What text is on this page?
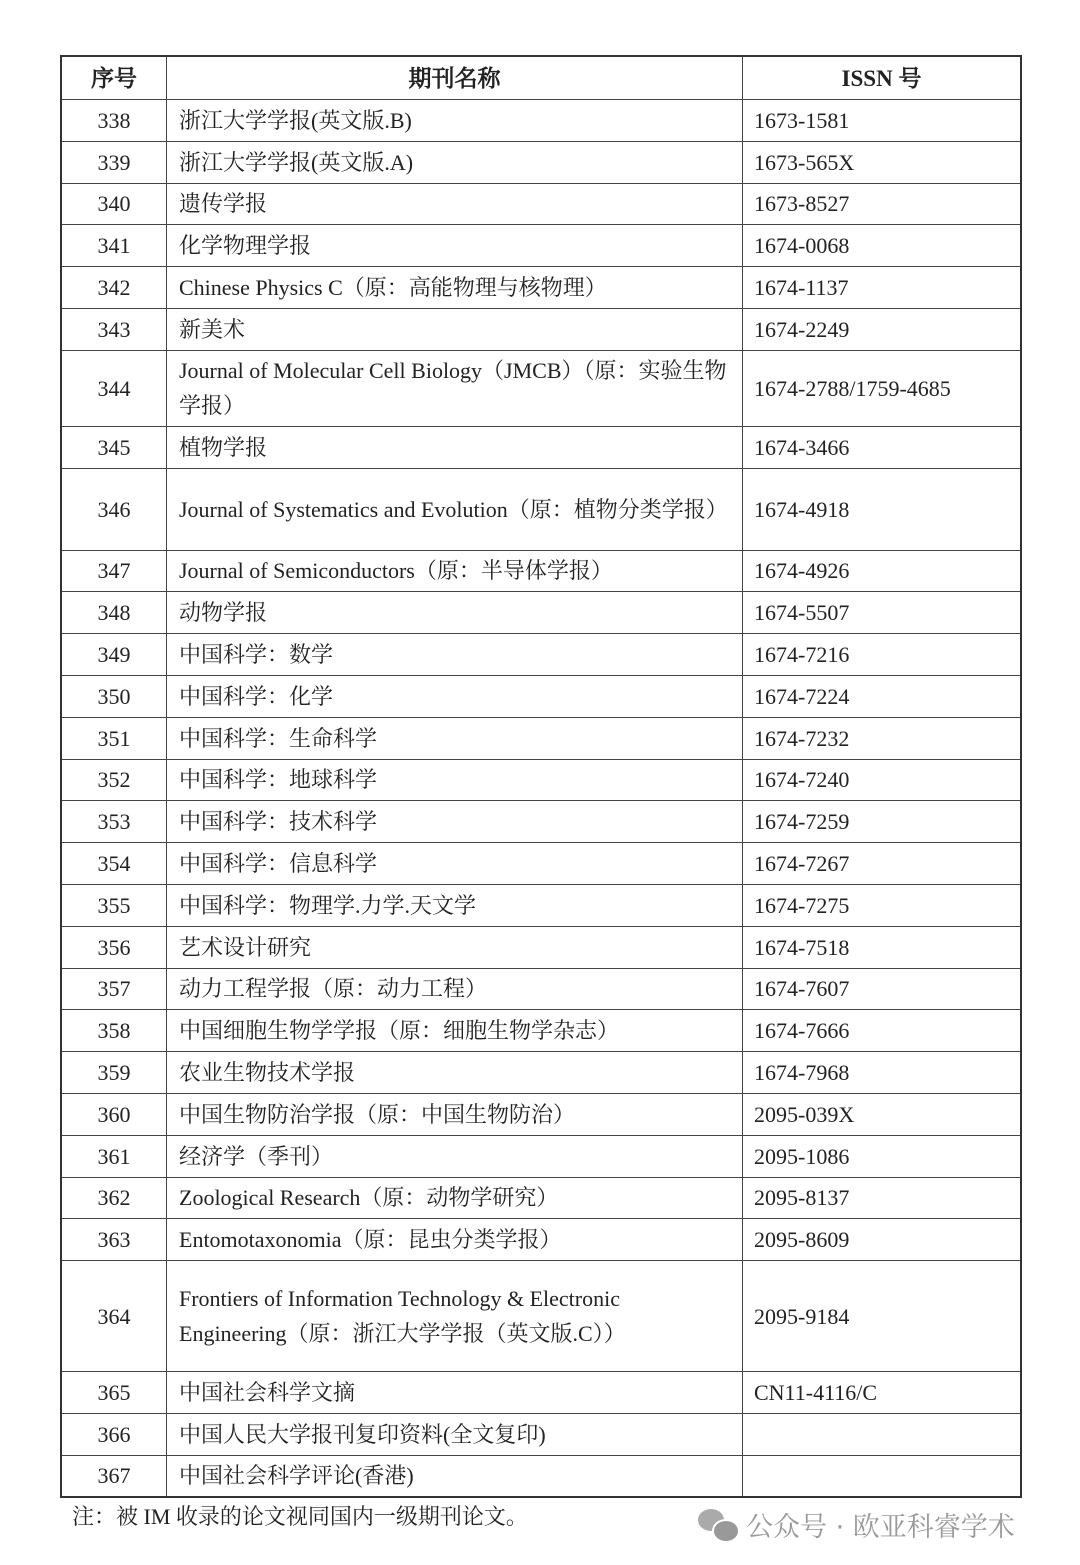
序号	期刊名称	ISSN 号
338	浙江大学学报(英文版.B)	1673-1581
339	浙江大学学报(英文版.A)	1673-565X
340	遗传学报	1673-8527
341	化学物理学报	1674-0068
342	Chinese Physics C（原：高能物理与核物理）	1674-1137
343	新美术	1674-2249
344	Journal of Molecular Cell Biology（JMCB）（原：实验生物学报）	1674-2788/1759-4685
345	植物学报	1674-3466
346	Journal of Systematics and Evolution（原：植物分类学报）	1674-4918
347	Journal of Semiconductors（原：半导体学报）	1674-4926
348	动物学报	1674-5507
349	中国科学：数学	1674-7216
350	中国科学：化学	1674-7224
351	中国科学：生命科学	1674-7232
352	中国科学：地球科学	1674-7240
353	中国科学：技术科学	1674-7259
354	中国科学：信息科学	1674-7267
355	中国科学：物理学.力学.天文学	1674-7275
356	艺术设计研究	1674-7518
357	动力工程学报（原：动力工程）	1674-7607
358	中国细胞生物学学报（原：细胞生物学杂志）	1674-7666
359	农业生物技术学报	1674-7968
360	中国生物防治学报（原：中国生物防治）	2095-039X
361	经济学（季刊）	2095-1086
362	Zoological Research（原：动物学研究）	2095-8137
363	Entomotaxonomia（原：昆虫分类学报）	2095-8609
364	Frontiers of Information Technology & Electronic Engineering（原：浙江大学学报（英文版.C））	2095-9184
365	中国社会科学文摘	CN11-4116/C
366	中国人民大学报刊复印资料(全文复印)	
367	中国社会科学评论(香港)	
注：被 IM 收录的论文视同国内一级期刊论文。	公众号 · 欧亚科睿学术
